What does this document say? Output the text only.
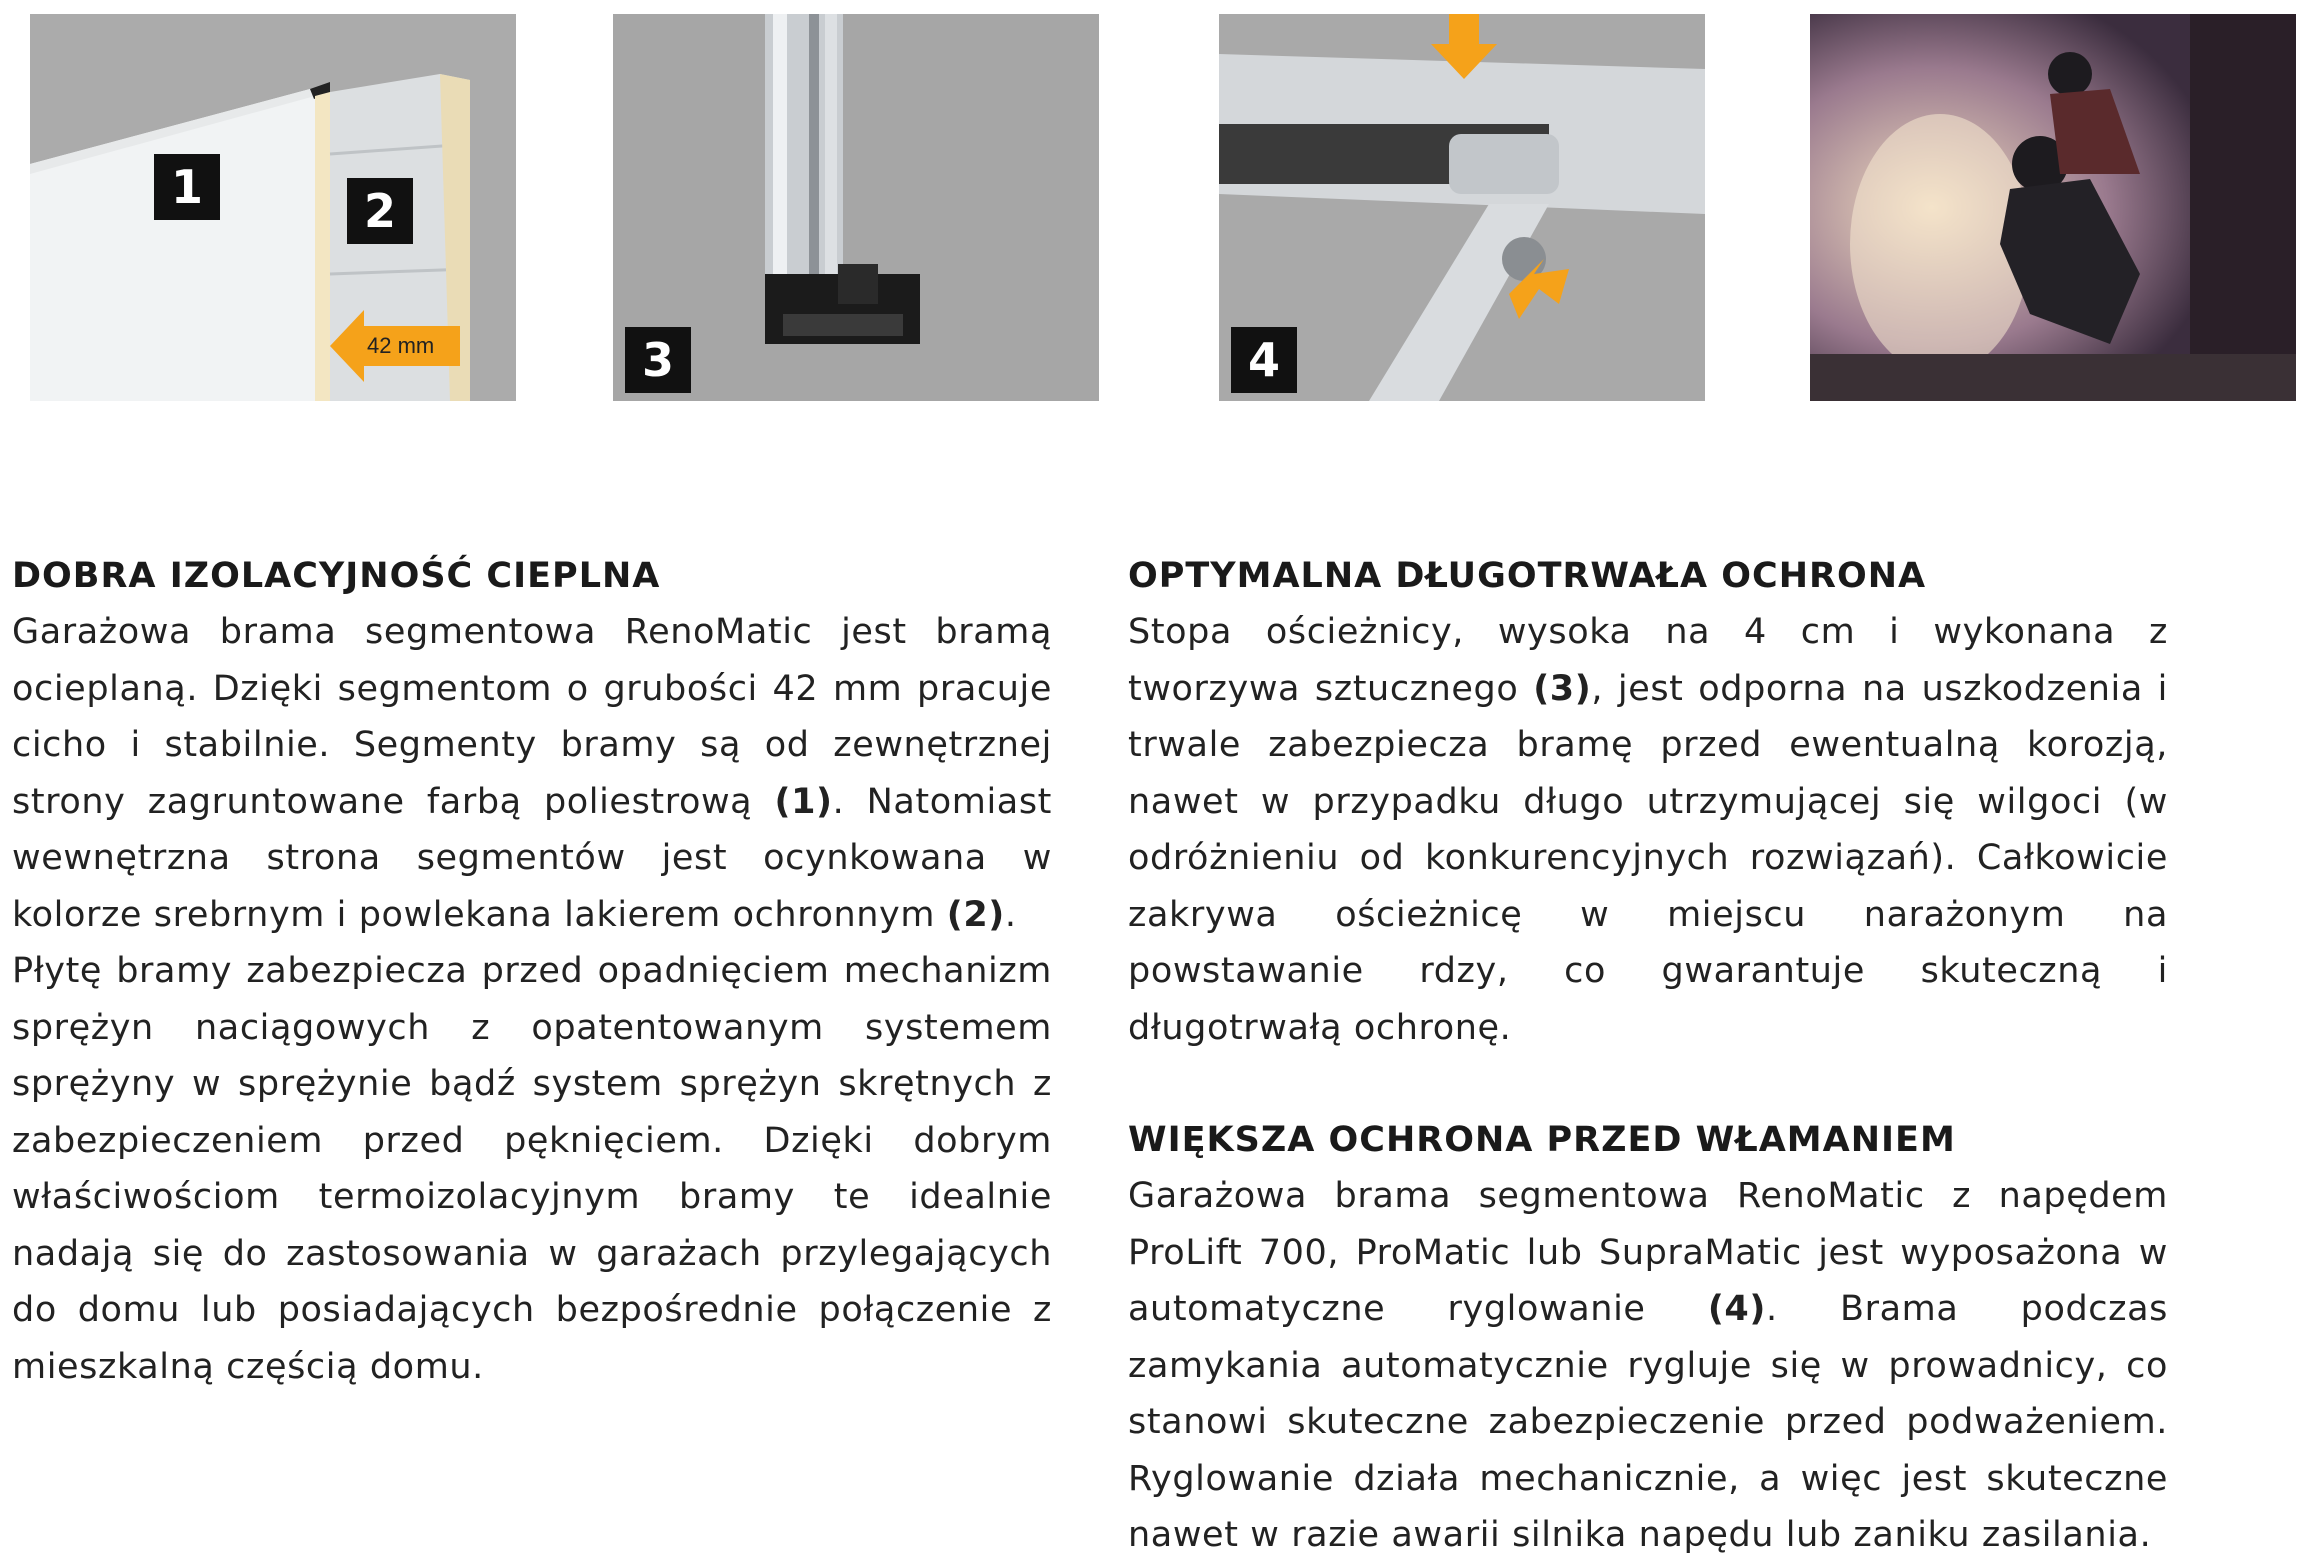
1	2
42 mm	3	4
DOBRA IZOLACYJNOŚĆ CIEPLNA

Garażowa brama segmentowa RenoMatic jest bramą ocieplaną. Dzięki segmentom o grubości 42 mm pracuje cicho i stabilnie. Segmenty bramy są od zewnętrznej strony zagruntowane farbą poliestrową (1). Natomiast wewnętrzna strona segmentów jest ocynkowana w kolorze srebrnym i powlekana lakierem ochronnym (2).

Płytę bramy zabezpiecza przed opadnięciem mechanizm sprężyn naciągowych z opatentowanym systemem sprężyny w sprężynie bądź system sprężyn skrętnych z zabezpieczeniem przed pęknięciem. Dzięki dobrym właściwościom termoizolacyjnym bramy te idealnie nadają się do zastosowania w garażach przylegających do domu lub posiadających bezpośrednie połączenie z mieszkalną częścią domu.

OPTYMALNA DŁUGOTRWAŁA OCHRONA

Stopa ościeżnicy, wysoka na 4 cm i wykonana z tworzywa sztucznego (3), jest odporna na uszkodzenia i trwale zabezpiecza bramę przed ewentualną korozją, nawet w przypadku długo utrzymującej się wilgoci (w odróżnieniu od konkurencyjnych rozwiązań). Całkowicie zakrywa ościeżnicę w miejscu narażonym na powstawanie rdzy, co gwarantuje skuteczną i długotrwałą ochronę.

WIĘKSZA OCHRONA PRZED WŁAMANIEM

Garażowa brama segmentowa RenoMatic z napędem ProLift 700, ProMatic lub SupraMatic jest wyposażona w automatyczne ryglowanie (4). Brama podczas zamykania automatycznie rygluje się w prowadnicy, co stanowi skuteczne zabezpieczenie przed podważeniem. Ryglowanie działa mechanicznie, a więc jest skuteczne nawet w razie awarii silnika napędu lub zaniku zasilania.
